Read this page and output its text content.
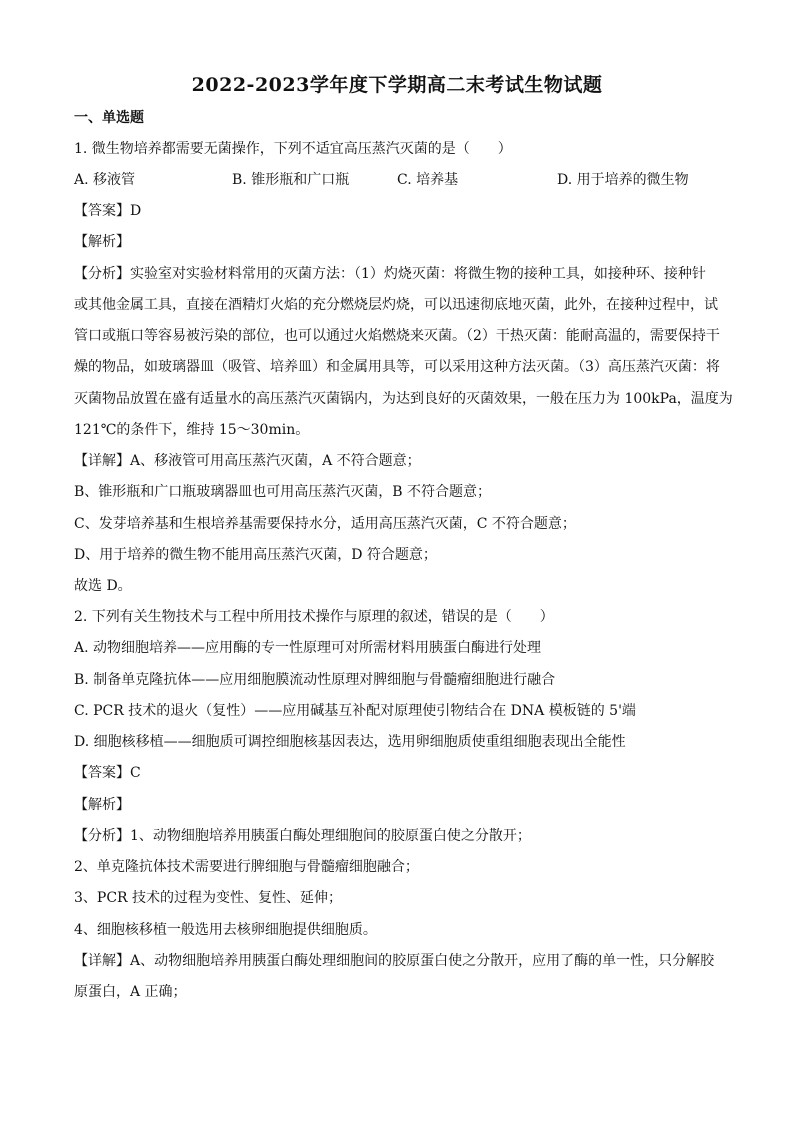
2022-2023学年度下学期高二末考试生物试题
一、单选题
1. 微生物培养都需要无菌操作，下列不适宜高压蒸汽灭菌的是（　　）
A. 移液管	B. 锥形瓶和广口瓶	C. 培养基	D. 用于培养的微生物
【答案】D
【解析】
【分析】实验室对实验材料常用的灭菌方法：（1）灼烧灭菌：将微生物的接种工具，如接种环、接种针
或其他金属工具，直接在酒精灯火焰的充分燃烧层灼烧，可以迅速彻底地灭菌，此外，在接种过程中，试
管口或瓶口等容易被污染的部位，也可以通过火焰燃烧来灭菌。（2）干热灭菌：能耐高温的，需要保持干
燥的物品，如玻璃器皿（吸管、培养皿）和金属用具等，可以采用这种方法灭菌。（3）高压蒸汽灭菌：将
灭菌物品放置在盛有适量水的高压蒸汽灭菌锅内，为达到良好的灭菌效果，一般在压力为 100kPa，温度为
121℃的条件下，维持 15～30min。
【详解】A、移液管可用高压蒸汽灭菌，A 不符合题意；
B、锥形瓶和广口瓶玻璃器皿也可用高压蒸汽灭菌，B 不符合题意；
C、发芽培养基和生根培养基需要保持水分，适用高压蒸汽灭菌，C 不符合题意；
D、用于培养的微生物不能用高压蒸汽灭菌，D 符合题意；
故选 D。
2. 下列有关生物技术与工程中所用技术操作与原理的叙述，错误的是（　　）
A. 动物细胞培养——应用酶的专一性原理可对所需材料用胰蛋白酶进行处理
B. 制备单克隆抗体——应用细胞膜流动性原理对脾细胞与骨髓瘤细胞进行融合
C. PCR 技术的退火（复性）——应用碱基互补配对原理使引物结合在 DNA 模板链的 5'端
D. 细胞核移植——细胞质可调控细胞核基因表达，选用卵细胞质使重组细胞表现出全能性
【答案】C
【解析】
【分析】1、动物细胞培养用胰蛋白酶处理细胞间的胶原蛋白使之分散开；
2、单克隆抗体技术需要进行脾细胞与骨髓瘤细胞融合；
3、PCR 技术的过程为变性、复性、延伸；
4、细胞核移植一般选用去核卵细胞提供细胞质。
【详解】A、动物细胞培养用胰蛋白酶处理细胞间的胶原蛋白使之分散开，应用了酶的单一性，只分解胶
原蛋白，A 正确；
